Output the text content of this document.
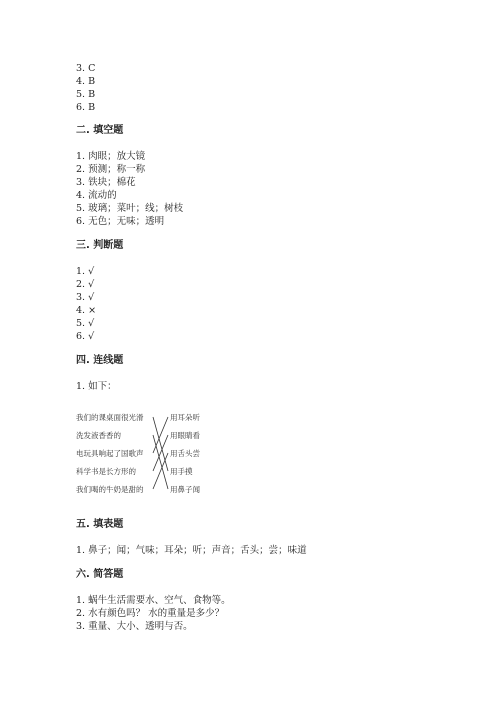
3. C
4. B
5. B
6. B
二. 填空题
1. 肉眼；放大镜
2. 预测；称一称
3. 铁块；棉花
4. 流动的
5. 玻璃；菜叶；线；树枝
6. 无色；无味；透明
三. 判断题
1. √
2. √
3. √
4. ×
5. √
6. √
四. 连线题
1. 如下：
我们的课桌面很光滑
洗发液香香的
电玩具响起了国歌声
科学书是长方形的
我们喝的牛奶是甜的
用耳朵听
用眼睛看
用舌头尝
用手摸
用鼻子闻
五. 填表题
1. 鼻子；闻；气味；耳朵；听；声音；舌头；尝；味道
六. 简答题
1. 蜗牛生活需要水、空气、食物等。
2. 水有颜色吗？ 水的重量是多少？
3. 重量、大小、透明与否。
